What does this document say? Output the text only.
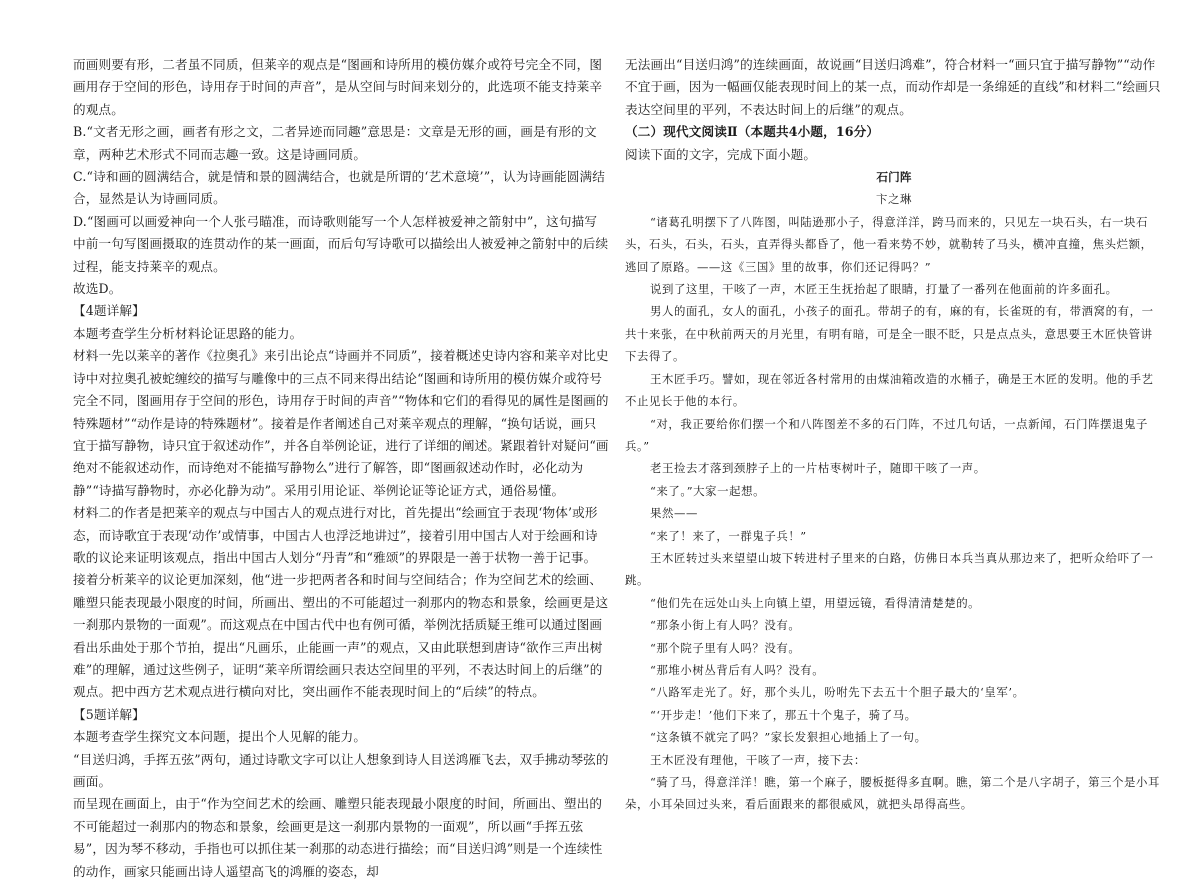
而画则要有形，二者虽不同质，但莱辛的观点是“图画和诗所用的模仿媒介或符号完全不同，图画用存于空间的形色，诗用存于时间的声音”，是从空间与时间来划分的，此选项不能支持莱辛的观点。

B.“文者无形之画，画者有形之文，二者异迹而同趣”意思是：文章是无形的画，画是有形的文章，两种艺术形式不同而志趣一致。这是诗画同质。

C.“诗和画的圆满结合，就是情和景的圆满结合，也就是所谓的‘艺术意境’”，认为诗画能圆满结合，显然是认为诗画同质。

D.“图画可以画爱神向一个人张弓瞄准，而诗歌则能写一个人怎样被爱神之箭射中”，这句描写中前一句写图画摄取的连贯动作的某一画面，而后句写诗歌可以描绘出人被爱神之箭射中的后续过程，能支持莱辛的观点。

故选D。

【4题详解】

本题考查学生分析材料论证思路的能力。

材料一先以莱辛的著作《拉奥孔》来引出论点“诗画并不同质”，接着概述史诗内容和莱辛对比史诗中对拉奥孔被蛇缠绞的描写与雕像中的三点不同来得出结论“图画和诗所用的模仿媒介或符号完全不同，图画用存于空间的形色，诗用存于时间的声音”“物体和它们的看得见的属性是图画的特殊题材”“动作是诗的特殊题材”。接着是作者阐述自己对莱辛观点的理解，“换句话说，画只宜于描写静物，诗只宜于叙述动作”，并各自举例论证，进行了详细的阐述。紧跟着针对疑问“画绝对不能叙述动作，而诗绝对不能描写静物么”进行了解答，即“图画叙述动作时，必化动为静”“诗描写静物时，亦必化静为动”。采用引用论证、举例论证等论证方式，通俗易懂。

材料二的作者是把莱辛的观点与中国古人的观点进行对比，首先提出“绘画宜于表现‘物体’或形态，而诗歌宜于表现‘动作’或情事，中国古人也浮泛地讲过”，接着引用中国古人对于绘画和诗歌的议论来证明该观点，指出中国古人划分“丹青”和“雅颂”的界限是一善于状物一善于记事。接着分析莱辛的议论更加深刻，他“进一步把两者各和时间与空间结合；作为空间艺术的绘画、雕塑只能表现最小限度的时间，所画出、塑出的不可能超过一刹那内的物态和景象，绘画更是这一刹那内景物的一面观”。而这观点在中国古代中也有例可循，举例沈括质疑王维可以通过图画看出乐曲处于那个节拍，提出“凡画乐，止能画一声”的观点，又由此联想到唐诗“欲作三声出树难”的理解，通过这些例子，证明“莱辛所谓绘画只表达空间里的平列，不表达时间上的后继”的观点。把中西方艺术观点进行横向对比，突出画作不能表现时间上的“后续”的特点。

【5题详解】

本题考查学生探究文本问题，提出个人见解的能力。

“目送归鸿，手挥五弦”两句，通过诗歌文字可以让人想象到诗人目送鸿雁飞去，双手拂动琴弦的画面。

而呈现在画面上，由于“作为空间艺术的绘画、雕塑只能表现最小限度的时间，所画出、塑出的不可能超过一刹那内的物态和景象，绘画更是这一刹那内景物的一面观”，所以画“手挥五弦易”，因为琴不移动，手指也可以抓住某一刹那的动态进行描绘；而“目送归鸿”则是一个连续性的动作，画家只能画出诗人遥望高飞的鸿雁的姿态，却

无法画出“目送归鸿”的连续画面，故说画“目送归鸿难”，符合材料一“画只宜于描写静物”“动作不宜于画，因为一幅画仅能表现时间上的某一点，而动作却是一条绵延的直线”和材料二“绘画只表达空间里的平列，不表达时间上的后继”的观点。

（二）现代文阅读Ⅱ（本题共4小题，16分）

阅读下面的文字，完成下面小题。

石门阵

卞之琳

“诸葛孔明摆下了八阵图，叫陆逊那小子，得意洋洋，跨马而来的，只见左一块石头，右一块石头，石头，石头，石头，直弄得头都昏了，他一看来势不妙，就勒转了马头，横冲直撞，焦头烂额，逃回了原路。——这《三国》里的故事，你们还记得吗？”

说到了这里，干咳了一声，木匠王生抚抬起了眼睛，打量了一番列在他面前的许多面孔。

男人的面孔，女人的面孔，小孩子的面孔。带胡子的有，麻的有，长雀斑的有，带酒窝的有，一共十来张，在中秋前两天的月光里，有明有暗，可是全一眼不眨，只是点点头，意思要王木匠快管讲下去得了。

王木匠手巧。譬如，现在邻近各村常用的由煤油箱改造的水桶子，确是王木匠的发明。他的手艺不止见长于他的本行。

“对，我正要给你们摆一个和八阵图差不多的石门阵，不过几句话，一点新闻，石门阵摆退鬼子兵。”

老王捡去才落到颈脖子上的一片枯枣树叶子，随即干咳了一声。

“来了。”大家一起想。

果然——

“来了！来了，一群鬼子兵！”

王木匠转过头来望望山坡下转进村子里来的白路，仿佛日本兵当真从那边来了，把听众给吓了一跳。

“他们先在远处山头上向镇上望，用望远镜，看得清清楚楚的。

“那条小街上有人吗？没有。

“那个院子里有人吗？没有。

“那堆小树丛背后有人吗？没有。

“八路军走光了。好，那个头儿，吩咐先下去五十个胆子最大的‘皇军’。

“‘开步走！’他们下来了，那五十个鬼子，骑了马。

“这条镇不就完了吗？”家长发狠担心地插上了一句。

王木匠没有理他，干咳了一声，接下去：

“骑了马，得意洋洋！瞧，第一个麻子，腰板挺得多直啊。瞧，第二个是八字胡子，第三个是小耳朵，小耳朵回过头来，看后面跟来的都很威风，就把头昂得高些。
